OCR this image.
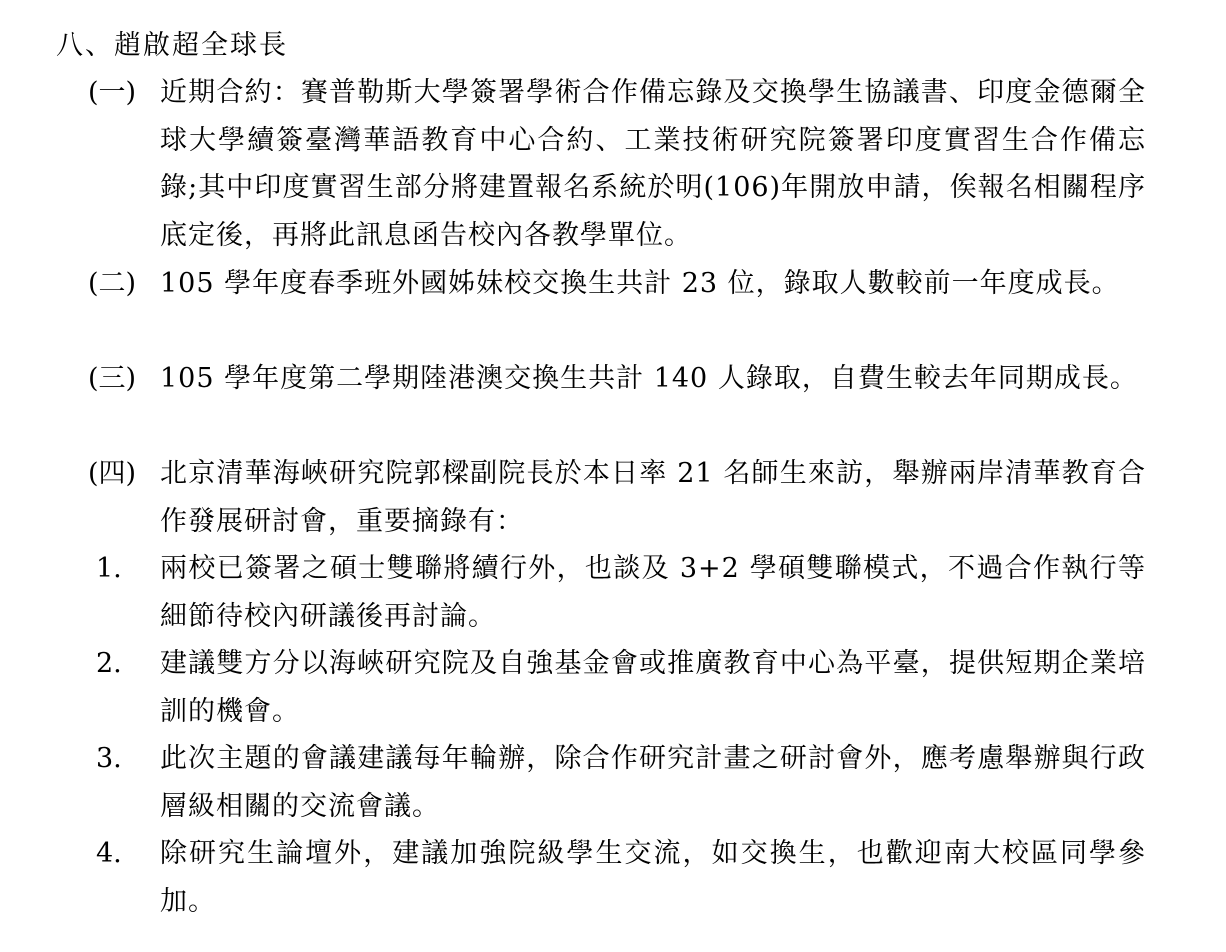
八、趙啟超全球長
(一) 近期合約：賽普勒斯大學簽署學術合作備忘錄及交換學生協議書、印度金德爾全球大學續簽臺灣華語教育中心合約、工業技術研究院簽署印度實習生合作備忘錄;其中印度實習生部分將建置報名系統於明(106)年開放申請，俟報名相關程序底定後，再將此訊息函告校內各教學單位。
(二) 105 學年度春季班外國姊妹校交換生共計 23 位，錄取人數較前一年度成長。
(三) 105 學年度第二學期陸港澳交換生共計 140 人錄取，自費生較去年同期成長。
(四) 北京清華海峽研究院郭樑副院長於本日率 21 名師生來訪，舉辦兩岸清華教育合作發展研討會，重要摘錄有：
1. 兩校已簽署之碩士雙聯將續行外，也談及 3+2 學碩雙聯模式，不過合作執行等細節待校內研議後再討論。
2. 建議雙方分以海峽研究院及自強基金會或推廣教育中心為平臺，提供短期企業培訓的機會。
3. 此次主題的會議建議每年輪辦，除合作研究計畫之研討會外，應考慮舉辦與行政層級相關的交流會議。
4. 除研究生論壇外，建議加強院級學生交流，如交換生，也歡迎南大校區同學參加。
